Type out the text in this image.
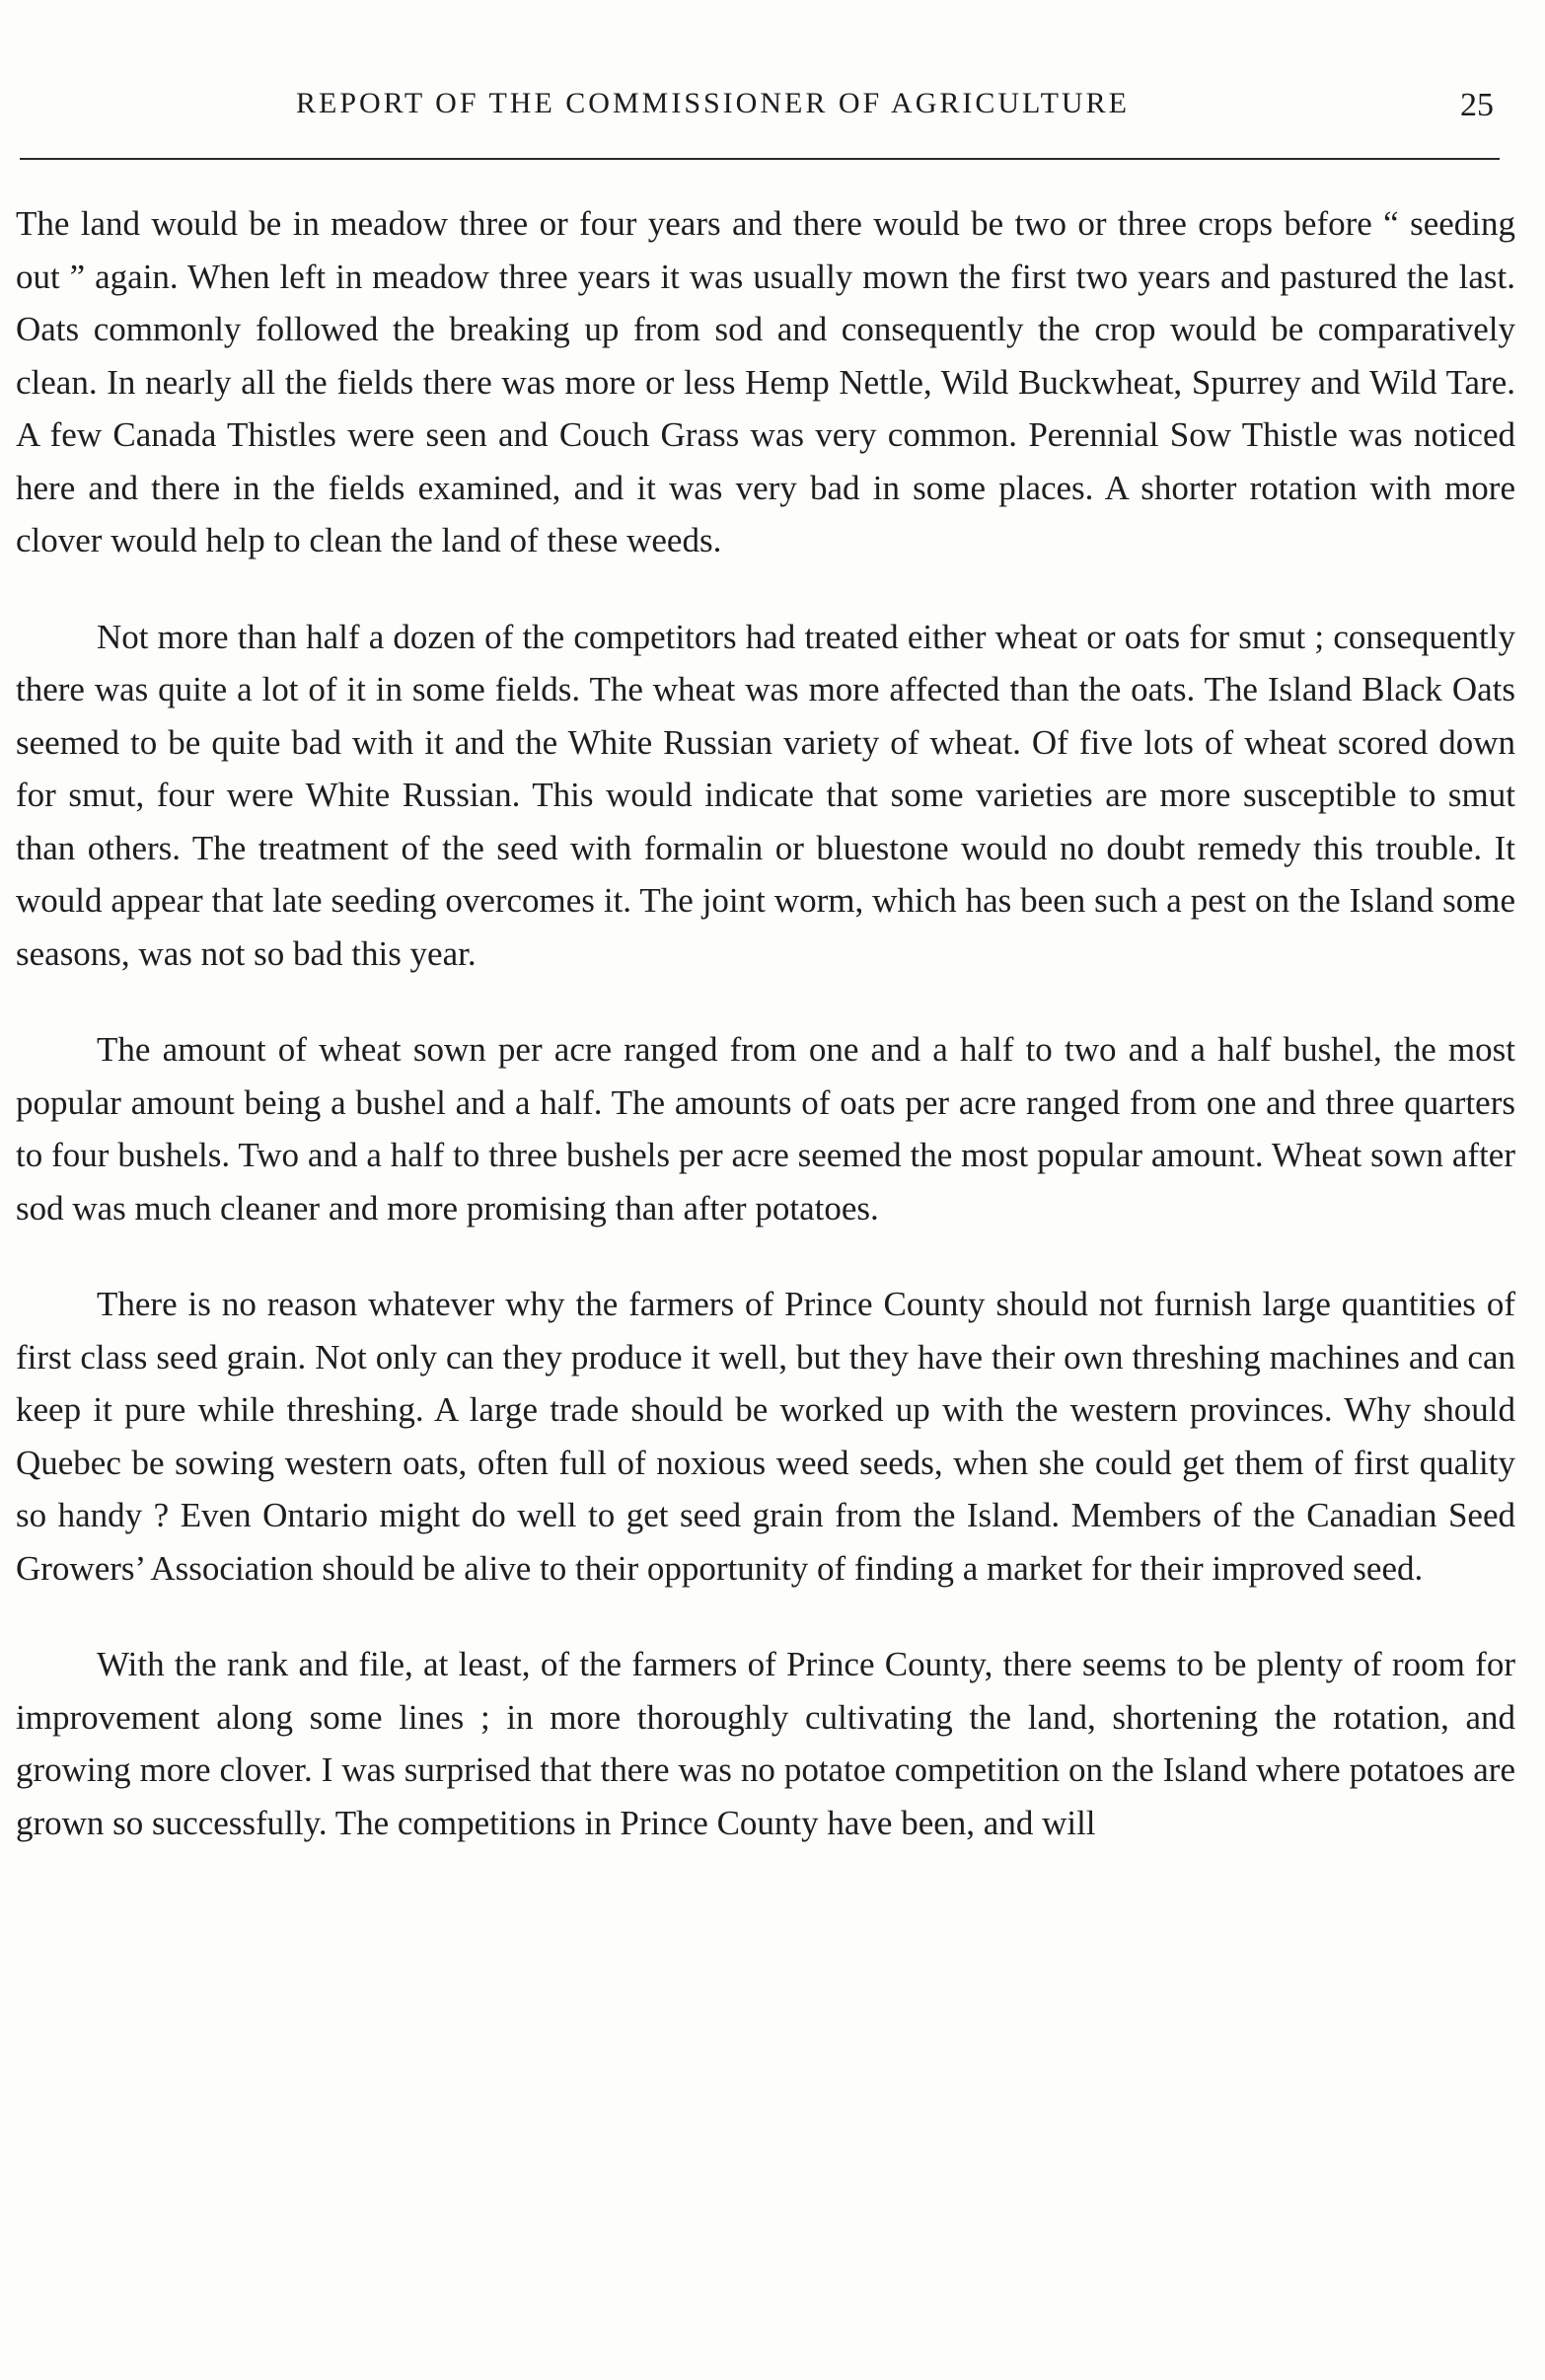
REPORT OF THE COMMISSIONER OF AGRICULTURE	25

The land would be in meadow three or four years and there would be two or three crops before “ seeding out ” again. When left in meadow three years it was usually mown the first two years and pastured the last. Oats commonly followed the breaking up from sod and consequently the crop would be comparatively clean. In nearly all the fields there was more or less Hemp Nettle, Wild Buckwheat, Spurrey and Wild Tare. A few Canada Thistles were seen and Couch Grass was very common. Perennial Sow Thistle was noticed here and there in the fields examined, and it was very bad in some places. A shorter rotation with more clover would help to clean the land of these weeds.

Not more than half a dozen of the competitors had treated either wheat or oats for smut ; consequently there was quite a lot of it in some fields. The wheat was more affected than the oats. The Island Black Oats seemed to be quite bad with it and the White Russian variety of wheat. Of five lots of wheat scored down for smut, four were White Russian. This would indicate that some varieties are more susceptible to smut than others. The treatment of the seed with formalin or bluestone would no doubt remedy this trouble. It would appear that late seeding overcomes it. The joint worm, which has been such a pest on the Island some seasons, was not so bad this year.

The amount of wheat sown per acre ranged from one and a half to two and a half bushel, the most popular amount being a bushel and a half. The amounts of oats per acre ranged from one and three quarters to four bushels. Two and a half to three bushels per acre seemed the most popular amount. Wheat sown after sod was much cleaner and more promising than after potatoes.

There is no reason whatever why the farmers of Prince County should not furnish large quantities of first class seed grain. Not only can they produce it well, but they have their own threshing machines and can keep it pure while threshing. A large trade should be worked up with the western provinces. Why should Quebec be sowing western oats, often full of noxious weed seeds, when she could get them of first quality so handy ? Even Ontario might do well to get seed grain from the Island. Members of the Canadian Seed Growers’ Association should be alive to their opportunity of finding a market for their improved seed.

With the rank and file, at least, of the farmers of Prince County, there seems to be plenty of room for improvement along some lines ; in more thoroughly cultivating the land, shortening the rotation, and growing more clover. I was surprised that there was no potatoe competition on the Island where potatoes are grown so successfully. The competitions in Prince County have been, and will
